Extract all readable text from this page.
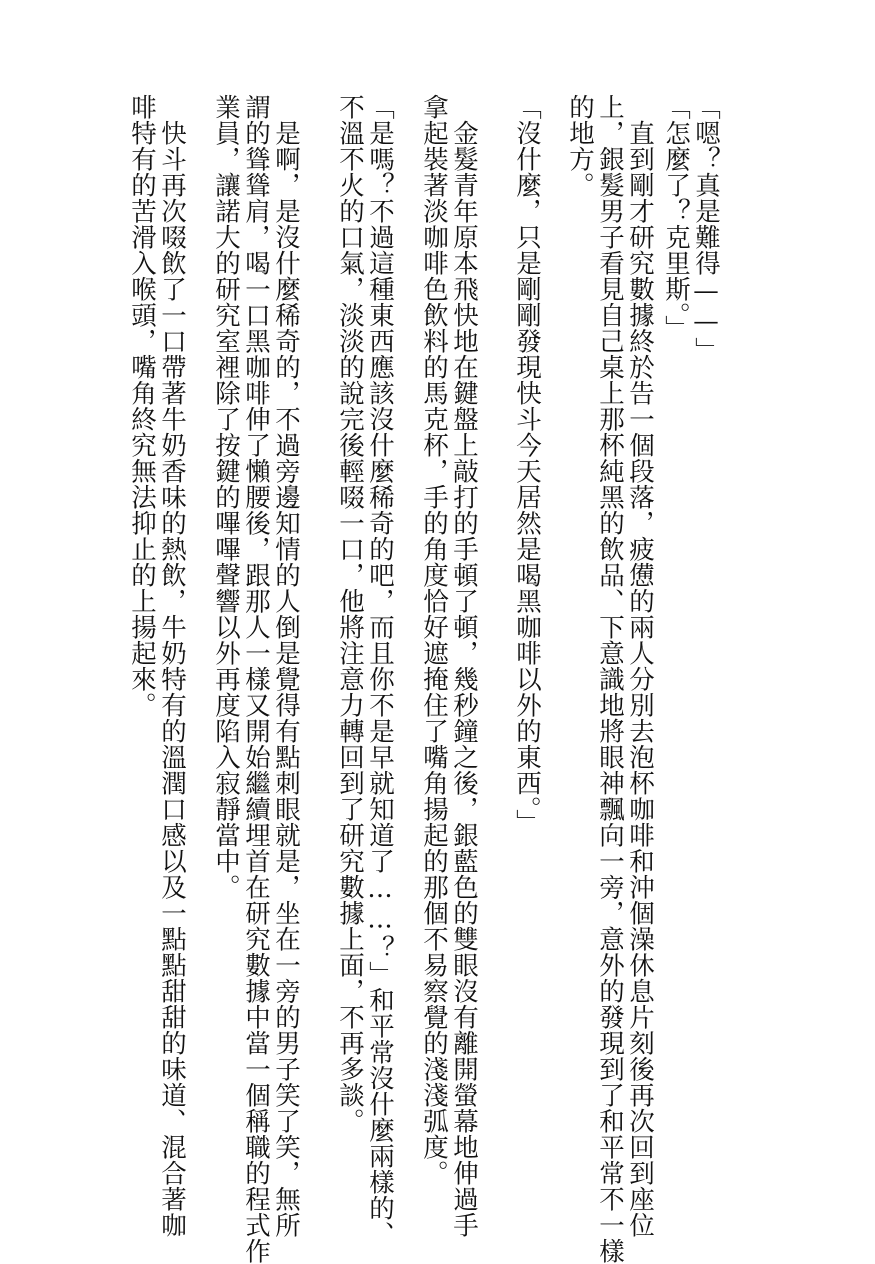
「嗯？真是難得——」
「怎麼了？克里斯。」
　直到剛才研究數據終於告一個段落，疲憊的兩人分別去泡杯咖啡和沖個澡休息片刻後再次回到座位
上，銀髮男子看見自己桌上那杯純黑的飲品、下意識地將眼神飄向一旁，意外的發現到了和平常不一樣
的地方。
「沒什麼，只是剛剛發現快斗今天居然是喝黑咖啡以外的東西。」
　金髮青年原本飛快地在鍵盤上敲打的手頓了頓，幾秒鐘之後，銀藍色的雙眼沒有離開螢幕地伸過手
拿起裝著淡咖啡色飲料的馬克杯，手的角度恰好遮掩住了嘴角揚起的那個不易察覺的淺淺弧度。
「是嗎？不過這種東西應該沒什麼稀奇的吧，而且你不是早就知道了……？」和平常沒什麼兩樣的、
不溫不火的口氣，淡淡的說完後輕啜一口，他將注意力轉回到了研究數據上面，不再多談。
　是啊，是沒什麼稀奇的，不過旁邊知情的人倒是覺得有點刺眼就是，坐在一旁的男子笑了笑，無所
謂的聳聳肩，喝一口黑咖啡伸了懶腰後，跟那人一樣又開始繼續埋首在研究數據中當一個稱職的程式作
業員，讓諾大的研究室裡除了按鍵的嗶嗶聲響以外再度陷入寂靜當中。
　快斗再次啜飲了一口帶著牛奶香味的熱飲，牛奶特有的溫潤口感以及一點點甜甜的味道、混合著咖
啡特有的苦滑入喉頭，嘴角終究無法抑止的上揚起來。
